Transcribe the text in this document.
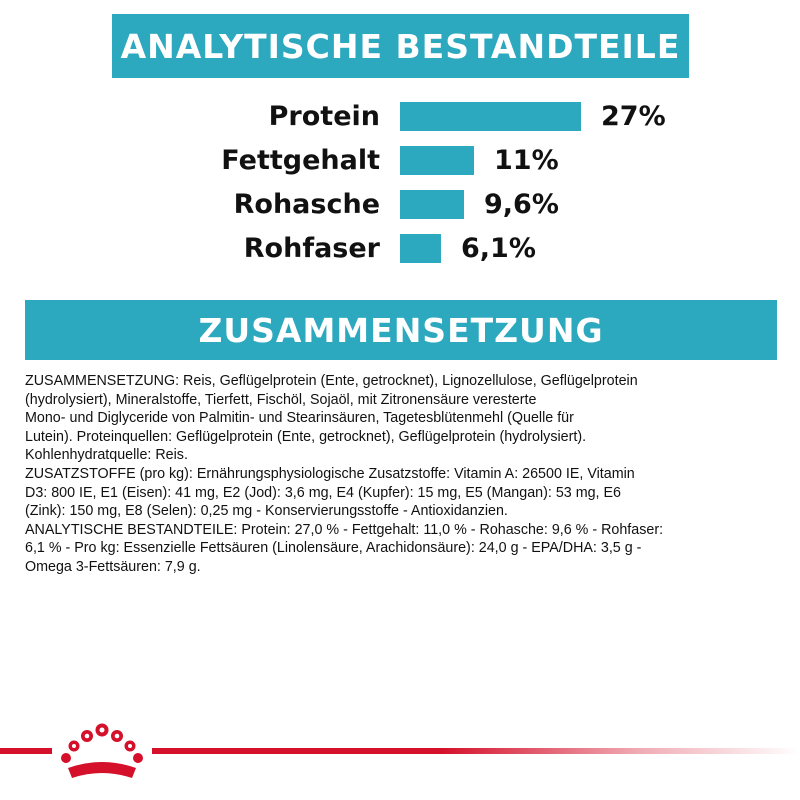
ANALYTISCHE BESTANDTEILE
Protein	27%
Fettgehalt	11%
Rohasche	9,6%
Rohfaser	6,1%
ZUSAMMENSETZUNG

ZUSAMMENSETZUNG: Reis, Geflügelprotein (Ente, getrocknet), Lignozellulose, Geflügelprotein

(hydrolysiert), Mineralstoffe, Tierfett, Fischöl, Sojaöl, mit Zitronensäure veresterte

Mono- und Diglyceride von Palmitin- und Stearinsäuren, Tagetesblütenmehl (Quelle für

Lutein). Proteinquellen: Geflügelprotein (Ente, getrocknet), Geflügelprotein (hydrolysiert).

Kohlenhydratquelle: Reis.

ZUSATZSTOFFE (pro kg): Ernährungsphysiologische Zusatzstoffe: Vitamin A: 26500 IE, Vitamin

D3: 800 IE, E1 (Eisen): 41 mg, E2 (Jod): 3,6 mg, E4 (Kupfer): 15 mg, E5 (Mangan): 53 mg, E6

(Zink): 150 mg, E8 (Selen): 0,25 mg - Konservierungsstoffe - Antioxidanzien.

ANALYTISCHE BESTANDTEILE: Protein: 27,0 % - Fettgehalt: 11,0 % - Rohasche: 9,6 % - Rohfaser:

6,1 % - Pro kg: Essenzielle Fettsäuren (Linolensäure, Arachidonsäure): 24,0 g - EPA/DHA: 3,5 g -

Omega 3-Fettsäuren: 7,9 g.
